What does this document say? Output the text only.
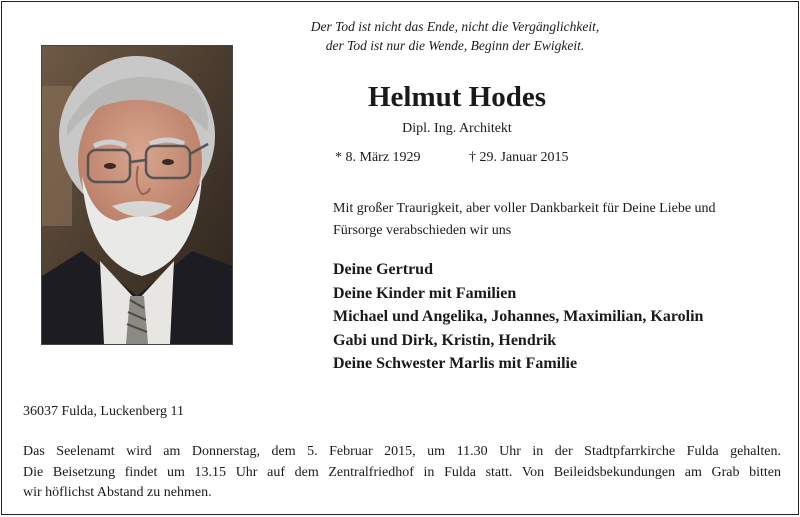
Der Tod ist nicht das Ende, nicht die Vergänglichkeit,
der Tod ist nur die Wende, Beginn der Ewigkeit.
Helmut Hodes
Dipl. Ing. Architekt
* 8. März 1929	† 29. Januar 2015
Mit großer Traurigkeit, aber voller Dankbarkeit für Deine Liebe und
Fürsorge verabschieden wir uns
Deine Gertrud
Deine Kinder mit Familien
Michael und Angelika, Johannes, Maximilian, Karolin
Gabi und Dirk, Kristin, Hendrik
Deine Schwester Marlis mit Familie
36037 Fulda, Luckenberg 11
Das Seelenamt wird am Donnerstag, dem 5. Februar 2015, um 11.30 Uhr in der Stadtpfarrkirche Fulda gehalten.
Die Beisetzung findet um 13.15 Uhr auf dem Zentralfriedhof in Fulda statt. Von Beileidsbekundungen am Grab bitten
wir höflichst Abstand zu nehmen.
